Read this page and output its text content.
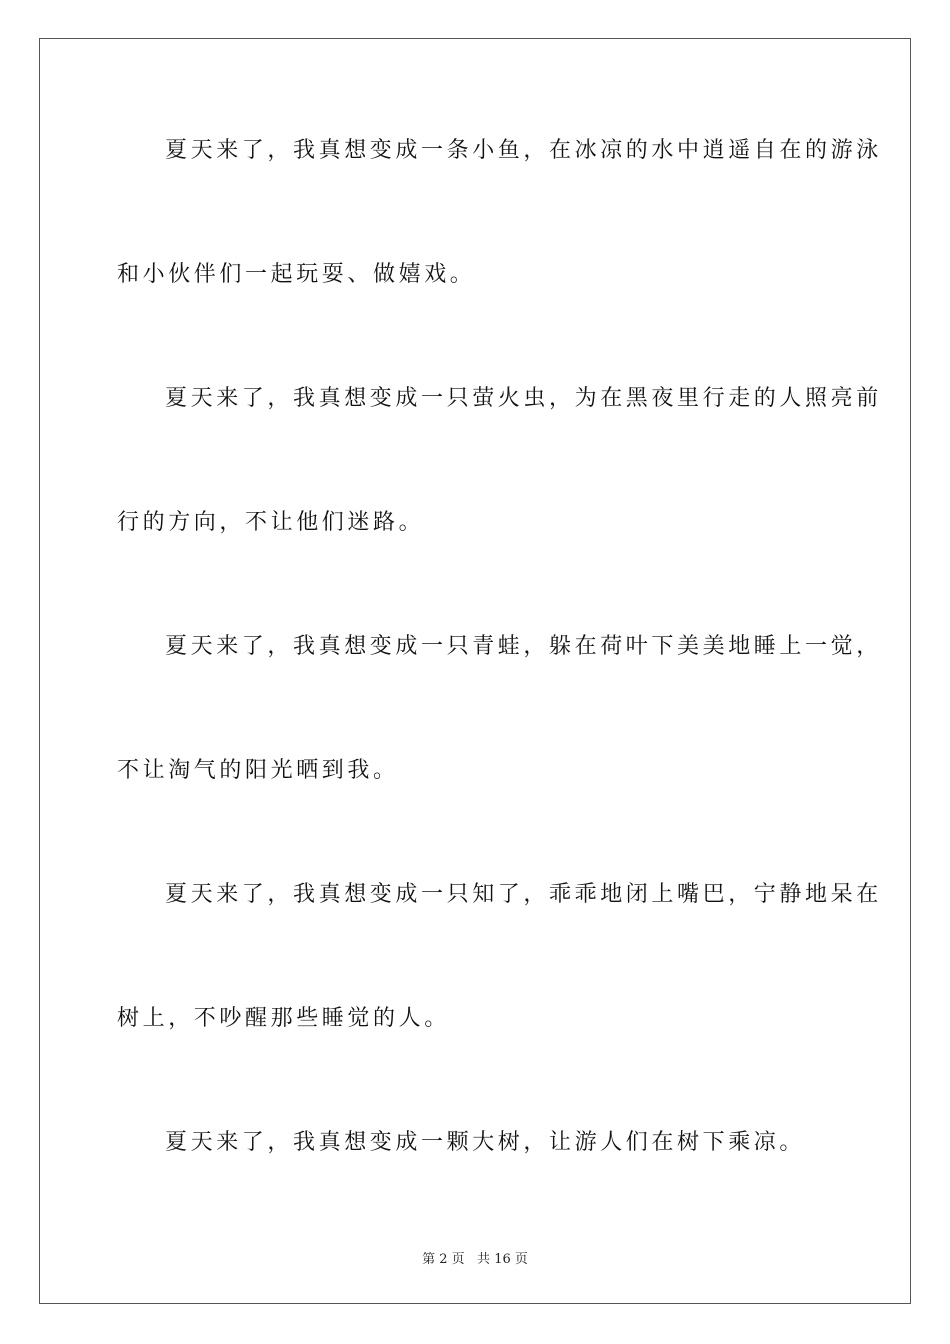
夏天来了，我真想变成一条小鱼，在冰凉的水中逍遥自在的游泳
和小伙伴们一起玩耍、做嬉戏。
夏天来了，我真想变成一只萤火虫，为在黑夜里行走的人照亮前
行的方向，不让他们迷路。
夏天来了，我真想变成一只青蛙，躲在荷叶下美美地睡上一觉，
不让淘气的阳光晒到我。
夏天来了，我真想变成一只知了，乖乖地闭上嘴巴，宁静地呆在
树上，不吵醒那些睡觉的人。
夏天来了，我真想变成一颗大树，让游人们在树下乘凉。
第 2 页   共 16 页
